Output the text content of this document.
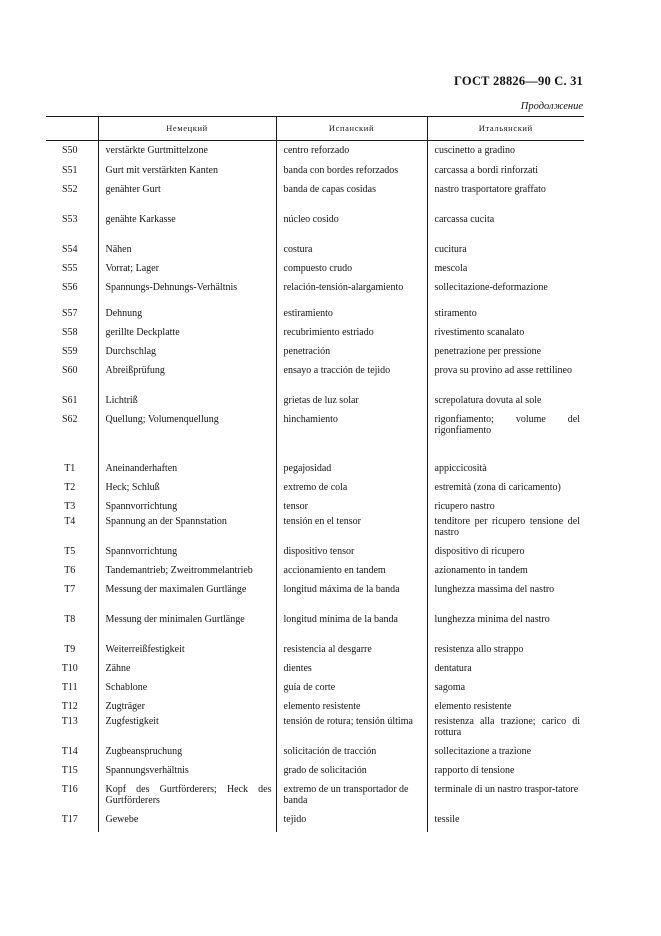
ГОСТ 28826—90 С. 31
Продолжение
	Немецкий	Испанский	Итальянский
S50	verstärkte Gurtmittelzone	centro reforzado	cuscinetto a gradino
S51	Gurt mit verstärkten Kanten	banda con bordes reforzados	carcassa a bordi rinforzati
S52	genähter Gurt	banda de capas cosidas	nastro trasportatore graffato
S53	genähte Karkasse	núcleo cosido	carcassa cucita
S54	Nähen	costura	cucitura
S55	Vorrat; Lager	compuesto crudo	mescola
S56	Spannungs-Dehnungs-Verhältnis	relación-tensión-alargamiento	sollecitazione-deformazione
S57	Dehnung	estiramiento	stiramento
S58	gerillte Deckplatte	recubrimiento estriado	rivestimento scanalato
S59	Durchschlag	penetración	penetrazione per pressione
S60	Abreißprüfung	ensayo a tracción de tejido	prova su provino ad asse rettilineo
S61	Lichtriß	grietas de luz solar	screpolatura dovuta al sole
S62	Quellung; Volumenquellung	hinchamiento	rigonfiamento; volume del rigonfiamento
T1	Aneinanderhaften	pegajosidad	appiccicosità
T2	Heck; Schluß	extremo de cola	estremità (zona di caricamento)
T3	Spannvorrichtung	tensor	ricupero nastro
T4	Spannung an der Spannstation	tensión en el tensor	tenditore per ricupero tensione del nastro
T5	Spannvorrichtung	dispositivo tensor	dispositivo di ricupero
T6	Tandemantrieb; Zweitrommelantrieb	accionamiento en tandem	azionamento in tandem
T7	Messung der maximalen Gurtlänge	longitud máxima de la banda	lunghezza massima del nastro
T8	Messung der minimalen Gurtlänge	longitud mínima de la banda	lunghezza minima del nastro
T9	Weiterreißfestigkeit	resistencia al desgarre	resistenza allo strappo
T10	Zähne	dientes	dentatura
T11	Schablone	guía de corte	sagoma
T12	Zugträger	elemento resistente	elemento resistente
T13	Zugfestigkeit	tensión de rotura; tensión última	resistenza alla trazione; carico di rottura
T14	Zugbeanspruchung	solicitación de tracción	sollecitazione a trazione
T15	Spannungsverhältnis	grado de solicitación	rapporto di tensione
T16	Kopf des Gurtförderers; Heck des Gurtförderers	extremo de un transportador de banda	terminale di un nastro traspor-tatore
T17	Gewebe	tejido	tessile
